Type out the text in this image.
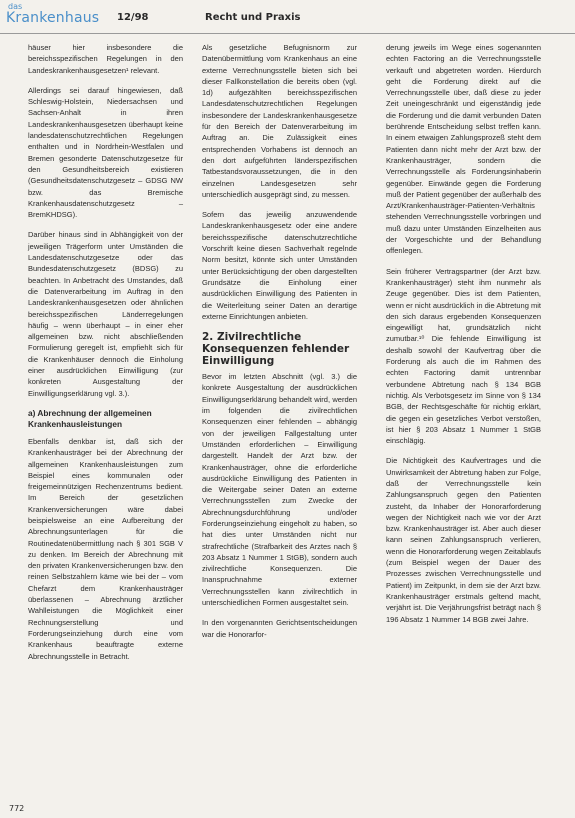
das
Krankenhaus 12/98	Recht und Praxis

häuser hier insbesondere die bereichsspezifischen Regelungen in den Landeskrankenhausgesetzen¹ relevant.

Allerdings sei darauf hingewiesen, daß Schleswig-Holstein, Niedersachsen und Sachsen-Anhalt in ihren Landeskrankenhausgesetzen überhaupt keine landesdatenschutzrechtlichen Regelungen enthalten und in Nordrhein-Westfalen und Bremen gesonderte Datenschutzgesetze für den Gesundheitsbereich existieren (Gesundheitsdatenschutzgesetz – GDSG NW bzw. das Bremische Krankenhausdatenschutzgesetz – BremKHDSG).

Darüber hinaus sind in Abhängigkeit von der jeweiligen Trägerform unter Umständen die Landesdatenschutzgesetze oder das Bundesdatenschutzgesetz (BDSG) zu beachten. In Anbetracht des Umstandes, daß die Datenverarbeitung im Auftrag in den Landeskrankenhausgesetzen oder ähnlichen bereichsspezifischen Länderregelungen häufig – wenn überhaupt – in einer eher allgemeinen bzw. nicht abschließenden Formulierung geregelt ist, empfiehlt sich für die Krankenhäuser dennoch die Einholung einer ausdrücklichen Einwilligung (zur konkreten Ausgestaltung der Einwilligungserklärung vgl. 3.).

a) Abrechnung der allgemeinen Krankenhausleistungen

Ebenfalls denkbar ist, daß sich der Krankenhausträger bei der Abrechnung der allgemeinen Krankenhausleistungen zum Beispiel eines kommunalen oder freigemeinnützigen Rechenzentrums bedient. Im Bereich der gesetzlichen Krankenversicherungen wäre dabei beispielsweise an eine Aufbereitung der Abrechnungsunterlagen für die Routinedatenübermittlung nach § 301 SGB V zu denken. Im Bereich der Abrechnung mit den privaten Krankenversicherungen bzw. den reinen Selbstzahlern käme wie bei der – vom Chefarzt dem Krankenhausträger überlassenen – Abrechnung ärztlicher Wahlleistungen die Möglichkeit einer Rechnungserstellung und Forderungseinziehung durch eine vom Krankenhaus beauftragte externe Abrechnungsstelle in Betracht.

Als gesetzliche Befugnisnorm zur Datenübermittlung vom Krankenhaus an eine externe Verrechnungsstelle bieten sich bei dieser Fallkonstellation die bereits oben (vgl. 1d) aufgezählten bereichsspezifischen Landesdatenschutzrechtlichen Regelungen insbesondere der Landeskrankenhausgesetze für den Bereich der Datenverarbeitung im Auftrag an. Die Zulässigkeit eines entsprechenden Vorhabens ist dennoch an den dort aufgeführten länderspezifischen Tatbestandsvoraussetzungen, die in den einzelnen Landesgesetzen sehr unterschiedlich ausgeprägt sind, zu messen.

Sofern das jeweilig anzuwendende Landeskrankenhausgesetz oder eine andere bereichsspezifische datenschutzrechtliche Vorschrift keine diesen Sachverhalt regelnde Norm besitzt, könnte sich unter Umständen unter Berücksichtigung der oben dargestellten Grundsätze die Einholung einer ausdrücklichen Einwilligung des Patienten in die Weiterleitung seiner Daten an derartige externe Einrichtungen anbieten.

2. Zivilrechtliche Konsequenzen fehlender Einwilligung

Bevor im letzten Abschnitt (vgl. 3.) die konkrete Ausgestaltung der ausdrücklichen Einwilligungserklärung behandelt wird, werden im folgenden die zivilrechtlichen Konsequenzen einer fehlenden – abhängig von der jeweiligen Fallgestaltung unter Umständen erforderlichen – Einwilligung dargestellt. Handelt der Arzt bzw. der Krankenhausträger, ohne die erforderliche ausdrückliche Einwilligung des Patienten in die Weitergabe seiner Daten an externe Verrechnungsstellen zum Zwecke der Abrechnungsdurchführung und/oder Forderungseinziehung eingeholt zu haben, so hat dies unter Umständen nicht nur strafrechtliche (Strafbarkeit des Arztes nach § 203 Absatz 1 Nummer 1 StGB), sondern auch zivilrechtliche Konsequenzen. Die Inanspruchnahme externer Verrechnungsstellen kann zivilrechtlich in unterschiedlichen Formen ausgestaltet sein.

In den vorgenannten Gerichtsentscheidungen war die Honorarfor-

derung jeweils im Wege eines sogenannten echten Factoring an die Verrechnungsstelle verkauft und abgetreten worden. Hierdurch geht die Forderung direkt auf die Verrechnungsstelle über, daß diese zu jeder Zeit uneingeschränkt und eigenständig jede die Forderung und die damit verbunden Daten berührende Entscheidung selbst treffen kann. In einem etwaigen Zahlungsprozeß steht dem Patienten dann nicht mehr der Arzt bzw. der Krankenhausträger, sondern die Verrechnungsstelle als Forderungsinhaberin gegenüber. Einwände gegen die Forderung muß der Patient gegenüber der außerhalb des Arzt/Krankenhausträger-Patienten-Verhältnis stehenden Verrechnungsstelle vorbringen und muß dazu unter Umständen Einzelheiten aus der Vorgeschichte und der Behandlung offenlegen.

Sein früherer Vertragspartner (der Arzt bzw. Krankenhausträger) steht ihm nunmehr als Zeuge gegenüber. Dies ist dem Patienten, wenn er nicht ausdrücklich in die Abtretung mit den sich daraus ergebenden Konsequenzen eingewilligt hat, grundsätzlich nicht zumutbar.¹⁰ Die fehlende Einwilligung ist deshalb sowohl der Kaufvertrag über die Forderung als auch die im Rahmen des echten Factoring damit untrennbar verbundene Abtretung nach § 134 BGB nichtig. Als Verbotsgesetz im Sinne von § 134 BGB, der Rechtsgeschäfte für nichtig erklärt, die gegen ein gesetzliches Verbot verstoßen, ist hier § 203 Absatz 1 Nummer 1 StGB einschlägig.

Die Nichtigkeit des Kaufvertrages und die Unwirksamkeit der Abtretung haben zur Folge, daß der Verrechnungsstelle kein Zahlungsanspruch gegen den Patienten zusteht, da Inhaber der Honorarforderung wegen der Nichtigkeit nach wie vor der Arzt bzw. Krankenhausträger ist. Aber auch dieser kann seinen Zahlungsanspruch verlieren, wenn die Honorarforderung wegen Zeitablaufs (zum Beispiel wegen der Dauer des Prozesses zwischen Verrechnungsstelle und Patient) im Zeitpunkt, in dem sie der Arzt bzw. Krankenhausträger erstmals geltend macht, verjährt ist. Die Verjährungsfrist beträgt nach § 196 Absatz 1 Nummer 14 BGB zwei Jahre.

772
